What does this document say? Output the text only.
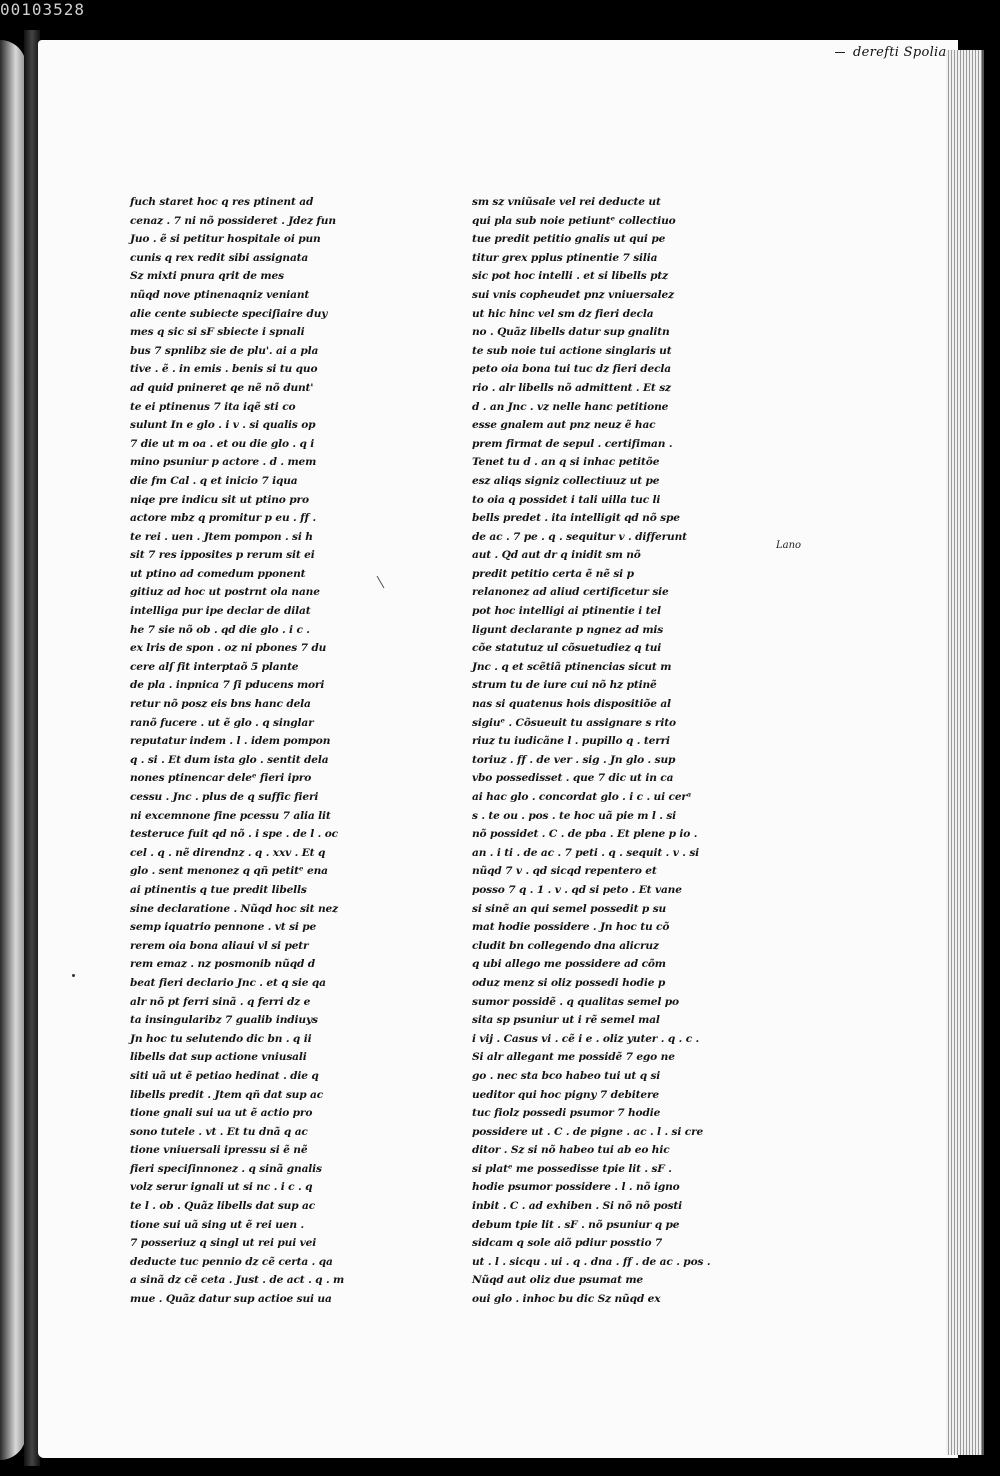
00103528
derefti Spolia
fuch staret hoc q res ptinent ad
cenaz . 7 ni nõ possideret . Jdez fun
Juo . ẽ si petitur hospitale oi pun
cunis q rex redit sibi assignata
Sz mixti pnura qrit de mes
nũqd nove ptinenaqniz veniant
alie cente subiecte speciſiaire duy
mes q sic si sF sbiecte i spnali
bus 7 spnlibz sie de plu'. ai a pla
tive . ẽ . in emis . benis si tu quo
ad quid pnineret qe nẽ nõ dunt'
te ei ptinenus 7 ita iqẽ sti co
sulunt In e glo . i v . si qualis op
7 die ut m oa . et ou die glo . q i
mino psuniur p actore . d . mem
die fm Cal . q et inicio 7 iqua
niqe pre indicu sit ut ptino pro
actore mbz q promitur p eu . ff .
te rei . uen . Jtem pompon . si h
sit 7 res ipposites p rerum sit ei
ut ptino ad comedum pponent
gitiuz ad hoc ut postrnt ola nane
intelliga pur ipe declar de dilat
he 7 sie nõ ob . qd die glo . i c .
ex lris de spon . oz ni pbones 7 du
cere alſ fit interptaõ 5 plante
de pla . inpnica 7 ſi pducens mori
retur nõ posz eis bns hanc dela
ranõ fucere . ut ẽ glo . q singlar
reputatur indem . l . idem pompon
q . si . Et dum ista glo . sentit dela
nones ptinencar deleᵉ fieri ipro
cessu . Jnc . plus de q suffic fieri
ni excemnone fine pcessu 7 alia lit
testeruce fuit qd nõ . i spe . de l . oc
cel . q . nẽ direndnz . q . xxv . Et q
glo . sent menonez q qñ petitᵉ ena
ai ptinentis q tue predit libells
sine declaratione . Nũqd hoc sit nez
semp iquatrio pennone . vt si pe
rerem oia bona aliaui vl si petr
rem emaz . nz posmonib nũqd d
beat fieri declario Jnc . et q sie qa
alr nõ pt ferri sinã . q ferri dz e
ta insingularibz 7 gualib indiuys
Jn hoc tu selutendo dic bn . q ii
libells dat sup actione vniusali
siti uã ut ẽ petiao hedinat . die q
libells predit . Jtem qñ dat sup ac
tione gnali sui ua ut ẽ actio pro
sono tutele . vt . Et tu dnã q ac
tione vniuersali ipressu si ẽ nẽ
fieri speciſinnonez . q sinã gnalis
volz serur ignali ut si nc . i c . q
te l . ob . Quãz libells dat sup ac
tione sui uã sing ut ẽ rei uen .
7 posseriuz q singl ut rei pui vei
deducte tuc pennio dz cẽ certa . qa
a sinã dz cẽ ceta . Just . de act . q . m
mue . Quãz datur sup actioe sui ua
sm sz vniũsale vel rei deducte ut
qui pla sub noie petiuntᵉ collectiuo
tue predit petitio gnalis ut qui pe
titur grex pplus ptinentie 7 silia
sic pot hoc intelli . et si libells ptz
sui vnis copheudet pnz vniuersalez
ut hic hinc vel sm dz fieri decla
no . Quãz libells datur sup gnalitn
te sub noie tui actione singlaris ut
peto oia bona tui tuc dz fieri decla
rio . alr libells nõ admittent . Et sz
d . an Jnc . vz nelle hanc petitione
esse gnalem aut pnz neuz ẽ hac
prem firmat de sepul . certifiman .
Tenet tu d . an q si inhac petitõe
esz aliqs signiz collectiuuz ut pe
to oia q possidet i tali uilla tuc li
bells predet . ita intelligit qd nõ spe
de ac . 7 pe . q . sequitur v . differunt
aut . Qd aut dr q inidit sm nõ
predit petitio certa ẽ nẽ si p
relanonez ad aliud certificetur sie
pot hoc intelligi ai ptinentie i tel
ligunt declarante p ngnez ad mis
cõe statutuz ul cõsuetudiez q tui
Jnc . q et scẽtiã ptinencias sicut m
strum tu de iure cui nõ hz ptinẽ
nas si quatenus hois dispositiõe al
sigiuᵉ . Cõsueuit tu assignare s rito
riuz tu iudicãne l . pupillo q . terri
toriuz . ff . de ver . sig . Jn glo . sup
vbo possedisset . que 7 dic ut in ca
ai hac glo . concordat glo . i c . ui cerᵃ
s . te ou . pos . te hoc uã pie m l . si
nõ possidet . C . de pba . Et plene p io .
an . i ti . de ac . 7 peti . q . sequit . v . si
nũqd 7 v . qd sicqd repentero et
posso 7 q . 1 . v . qd si peto . Et vane
si sinẽ an qui semel possedit p su
mat hodie possidere . Jn hoc tu cõ
cludit bn collegendo dna alicruz
q ubi allego me possidere ad cõm
oduz menz si oliz possedi hodie p
sumor possidẽ . q qualitas semel po
sita sp psuniur ut i rẽ semel mal
i vij . Casus vi . cẽ i e . oliz yuter . q . c .
Si alr allegant me possidẽ 7 ego ne
go . nec sta bco habeo tui ut q si
ueditor qui hoc pigny 7 debitere
tuc fiolz possedi psumor 7 hodie
possidere ut . C . de pigne . ac . l . si cre
ditor . Sz si nõ habeo tui ab eo hic
si platᵉ me possedisse tpie lit . sF .
hodie psumor possidere . l . nõ igno
inbit . C . ad exhiben . Si nõ nõ posti
debum tpie lit . sF . nõ psuniur q pe
sidcam q sole aiõ pdiur posstio 7
ut . l . sicqu . ui . q . dna . ff . de ac . pos .
Nũqd aut oliz due psumat me
oui glo . inhoc bu dic Sz nũqd ex
Lano
